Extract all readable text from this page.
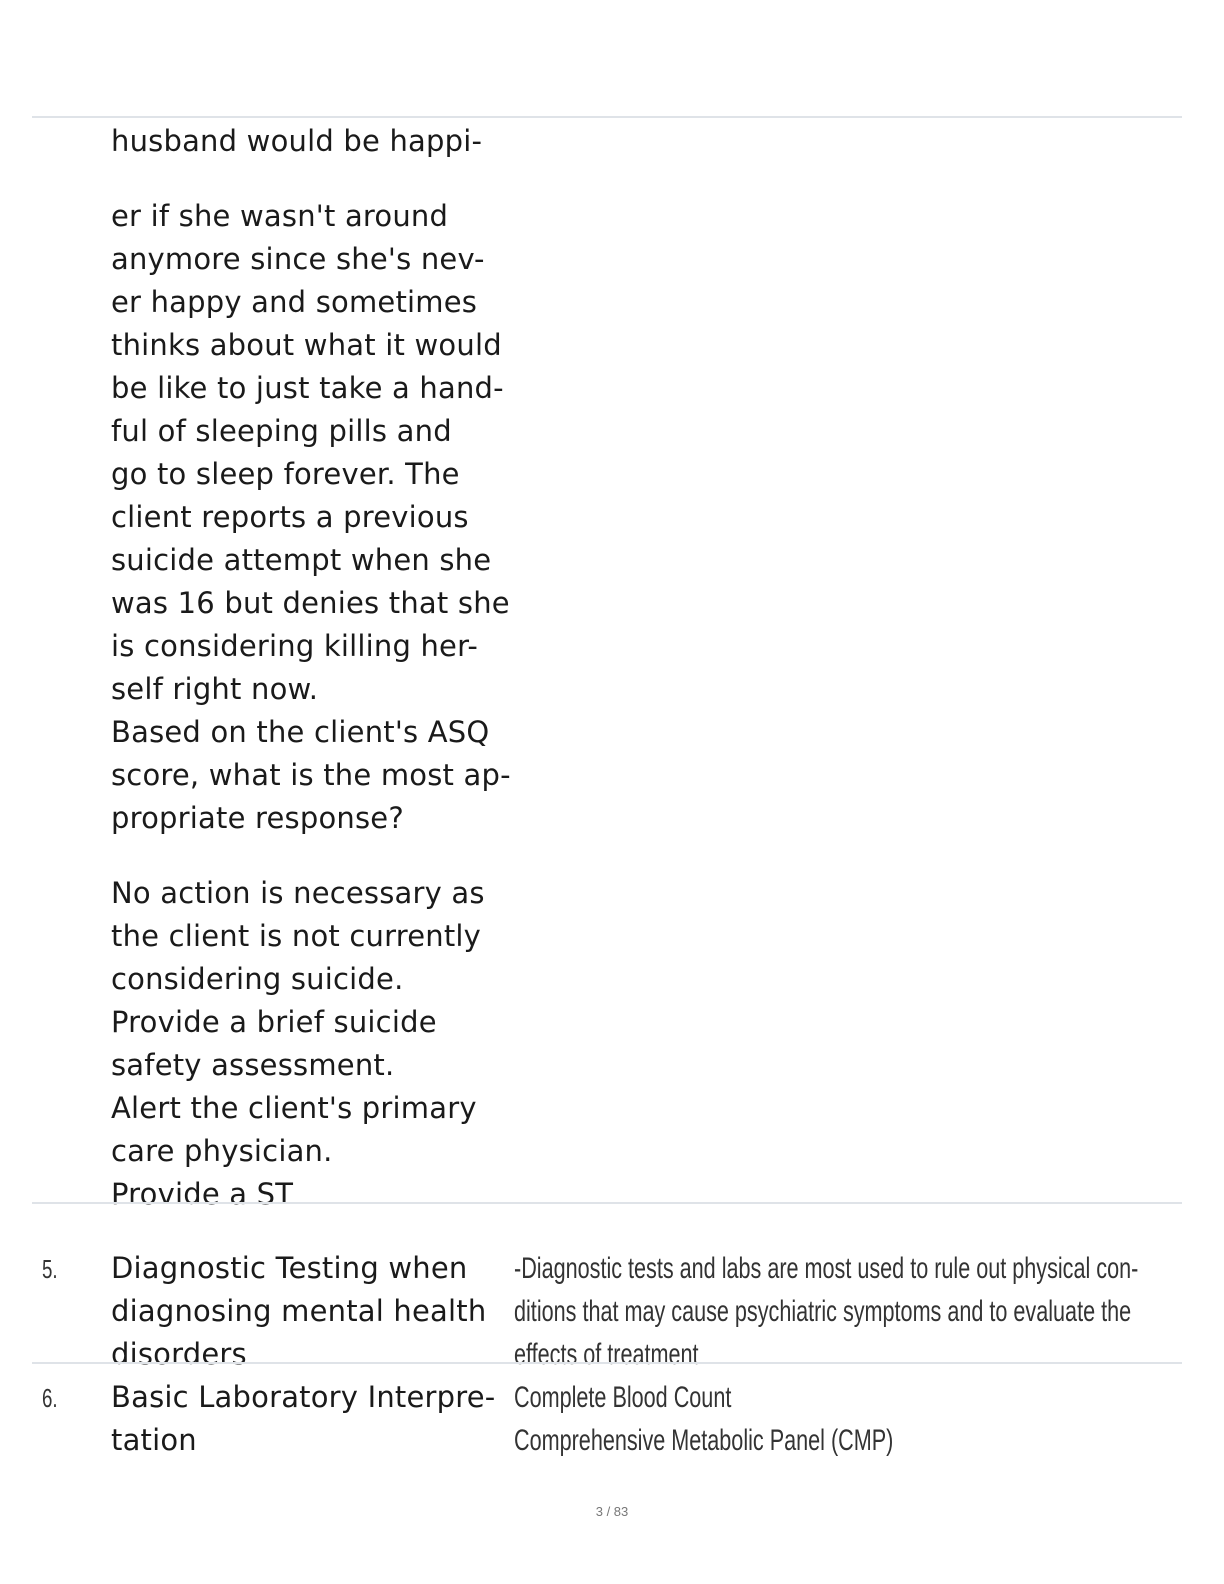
husband would be happi-

er if she wasn't around

anymore since she's nev-

er happy and sometimes

thinks about what it would

be like to just take a hand-

ful of sleeping pills and

go to sleep forever. The

client reports a previous

suicide attempt when she

was 16 but denies that she

is considering killing her-

self right now.

Based on the client's ASQ

score, what is the most ap-

propriate response?

No action is necessary as

the client is not currently

considering suicide.

Provide a brief suicide

safety assessment.

Alert the client's primary

care physician.

Provide a ST

5. Diagnostic Testing when

diagnosing mental health

disorders

-Diagnostic tests and labs are most used to rule out physical con-

ditions that may cause psychiatric symptoms and to evaluate the

effects of treatment

6. Basic Laboratory Interpre-

tation

Complete Blood Count

Comprehensive Metabolic Panel (CMP)

3 / 83
